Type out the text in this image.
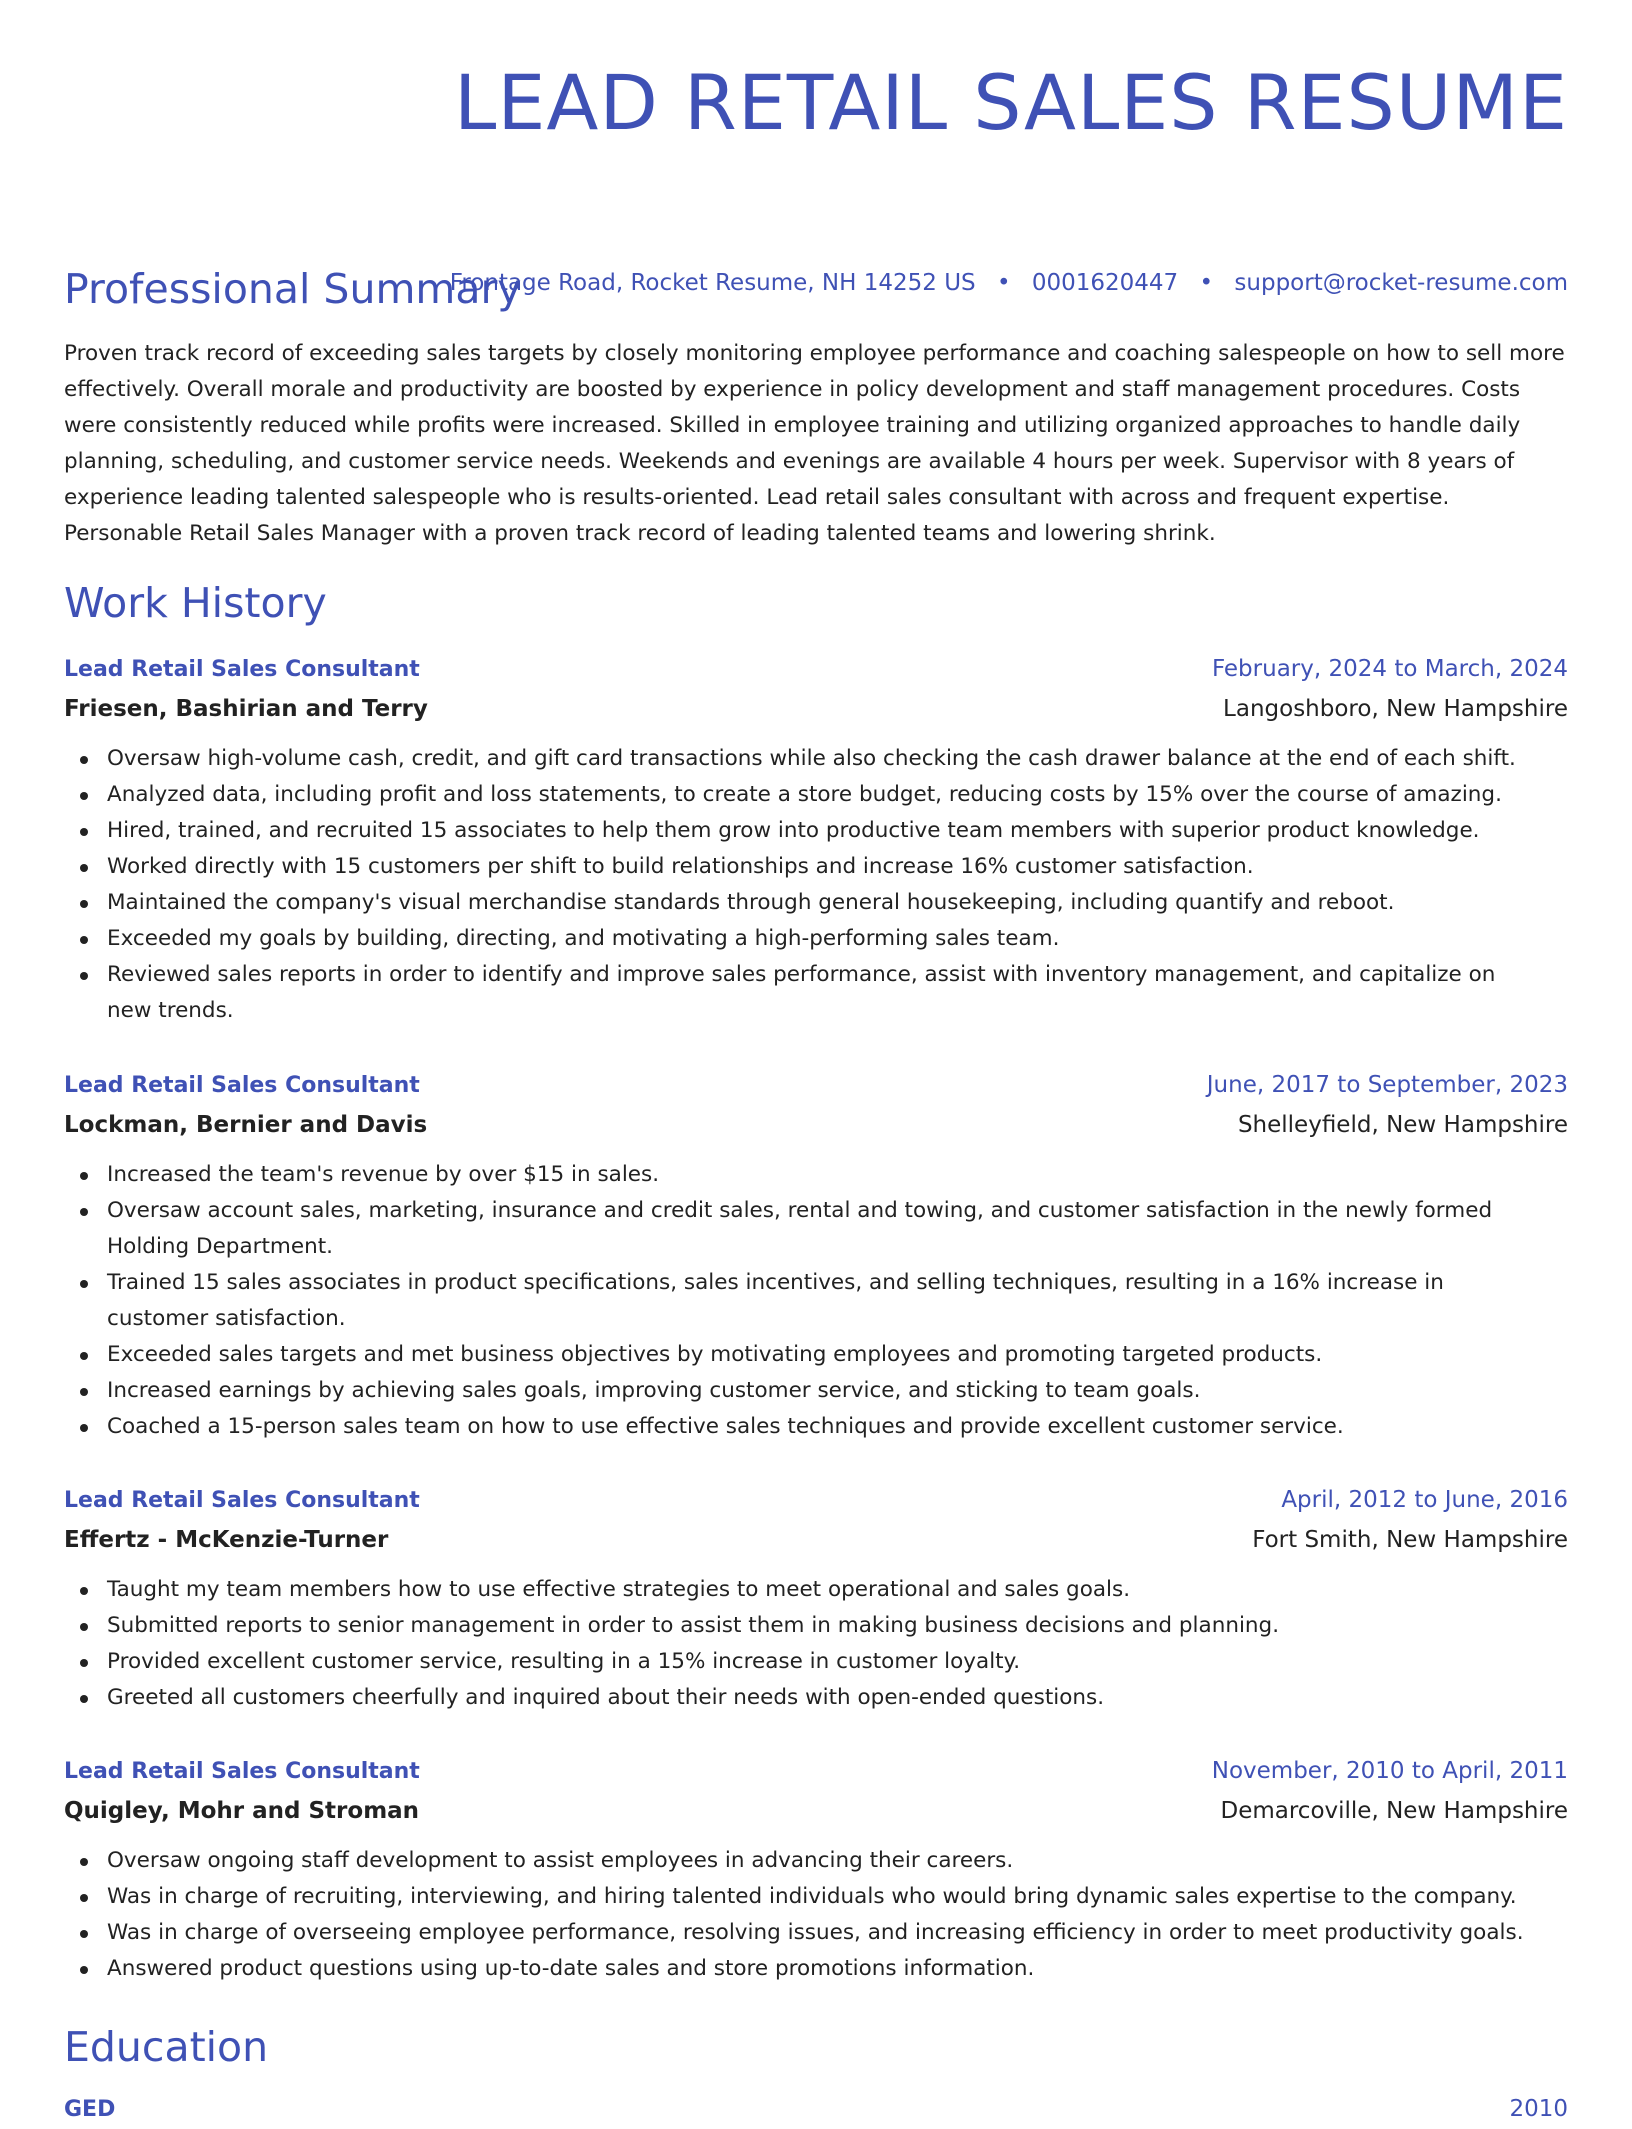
LEAD RETAIL SALES RESUME
Frontage Road, Rocket Resume, NH 14252 US • 0001620447 • support@rocket-resume.com
Professional Summary

Proven track record of exceeding sales targets by closely monitoring employee performance and coaching salespeople on how to sell more effectively. Overall morale and productivity are boosted by experience in policy development and staff management procedures. Costs were consistently reduced while profits were increased. Skilled in employee training and utilizing organized approaches to handle daily planning, scheduling, and customer service needs. Weekends and evenings are available 4 hours per week. Supervisor with 8 years of experience leading talented salespeople who is results-oriented. Lead retail sales consultant with across and frequent expertise. Personable Retail Sales Manager with a proven track record of leading talented teams and lowering shrink.

Work History
Lead Retail Sales Consultant	February, 2024 to March, 2024
Friesen, Bashirian and Terry	Langoshboro, New Hampshire
Oversaw high-volume cash, credit, and gift card transactions while also checking the cash drawer balance at the end of each shift.
Analyzed data, including profit and loss statements, to create a store budget, reducing costs by 15% over the course of amazing.
Hired, trained, and recruited 15 associates to help them grow into productive team members with superior product knowledge.
Worked directly with 15 customers per shift to build relationships and increase 16% customer satisfaction.
Maintained the company's visual merchandise standards through general housekeeping, including quantify and reboot.
Exceeded my goals by building, directing, and motivating a high-performing sales team.
Reviewed sales reports in order to identify and improve sales performance, assist with inventory management, and capitalize on new trends.
Lead Retail Sales Consultant	June, 2017 to September, 2023
Lockman, Bernier and Davis	Shelleyfield, New Hampshire
Increased the team's revenue by over $15 in sales.
Oversaw account sales, marketing, insurance and credit sales, rental and towing, and customer satisfaction in the newly formed Holding Department.
Trained 15 sales associates in product specifications, sales incentives, and selling techniques, resulting in a 16% increase in customer satisfaction.
Exceeded sales targets and met business objectives by motivating employees and promoting targeted products.
Increased earnings by achieving sales goals, improving customer service, and sticking to team goals.
Coached a 15-person sales team on how to use effective sales techniques and provide excellent customer service.
Lead Retail Sales Consultant	April, 2012 to June, 2016
Effertz - McKenzie-Turner	Fort Smith, New Hampshire
Taught my team members how to use effective strategies to meet operational and sales goals.
Submitted reports to senior management in order to assist them in making business decisions and planning.
Provided excellent customer service, resulting in a 15% increase in customer loyalty.
Greeted all customers cheerfully and inquired about their needs with open-ended questions.
Lead Retail Sales Consultant	November, 2010 to April, 2011
Quigley, Mohr and Stroman	Demarcoville, New Hampshire
Oversaw ongoing staff development to assist employees in advancing their careers.
Was in charge of recruiting, interviewing, and hiring talented individuals who would bring dynamic sales expertise to the company.
Was in charge of overseeing employee performance, resolving issues, and increasing efficiency in order to meet productivity goals.
Answered product questions using up-to-date sales and store promotions information.
Education
GED	2010
